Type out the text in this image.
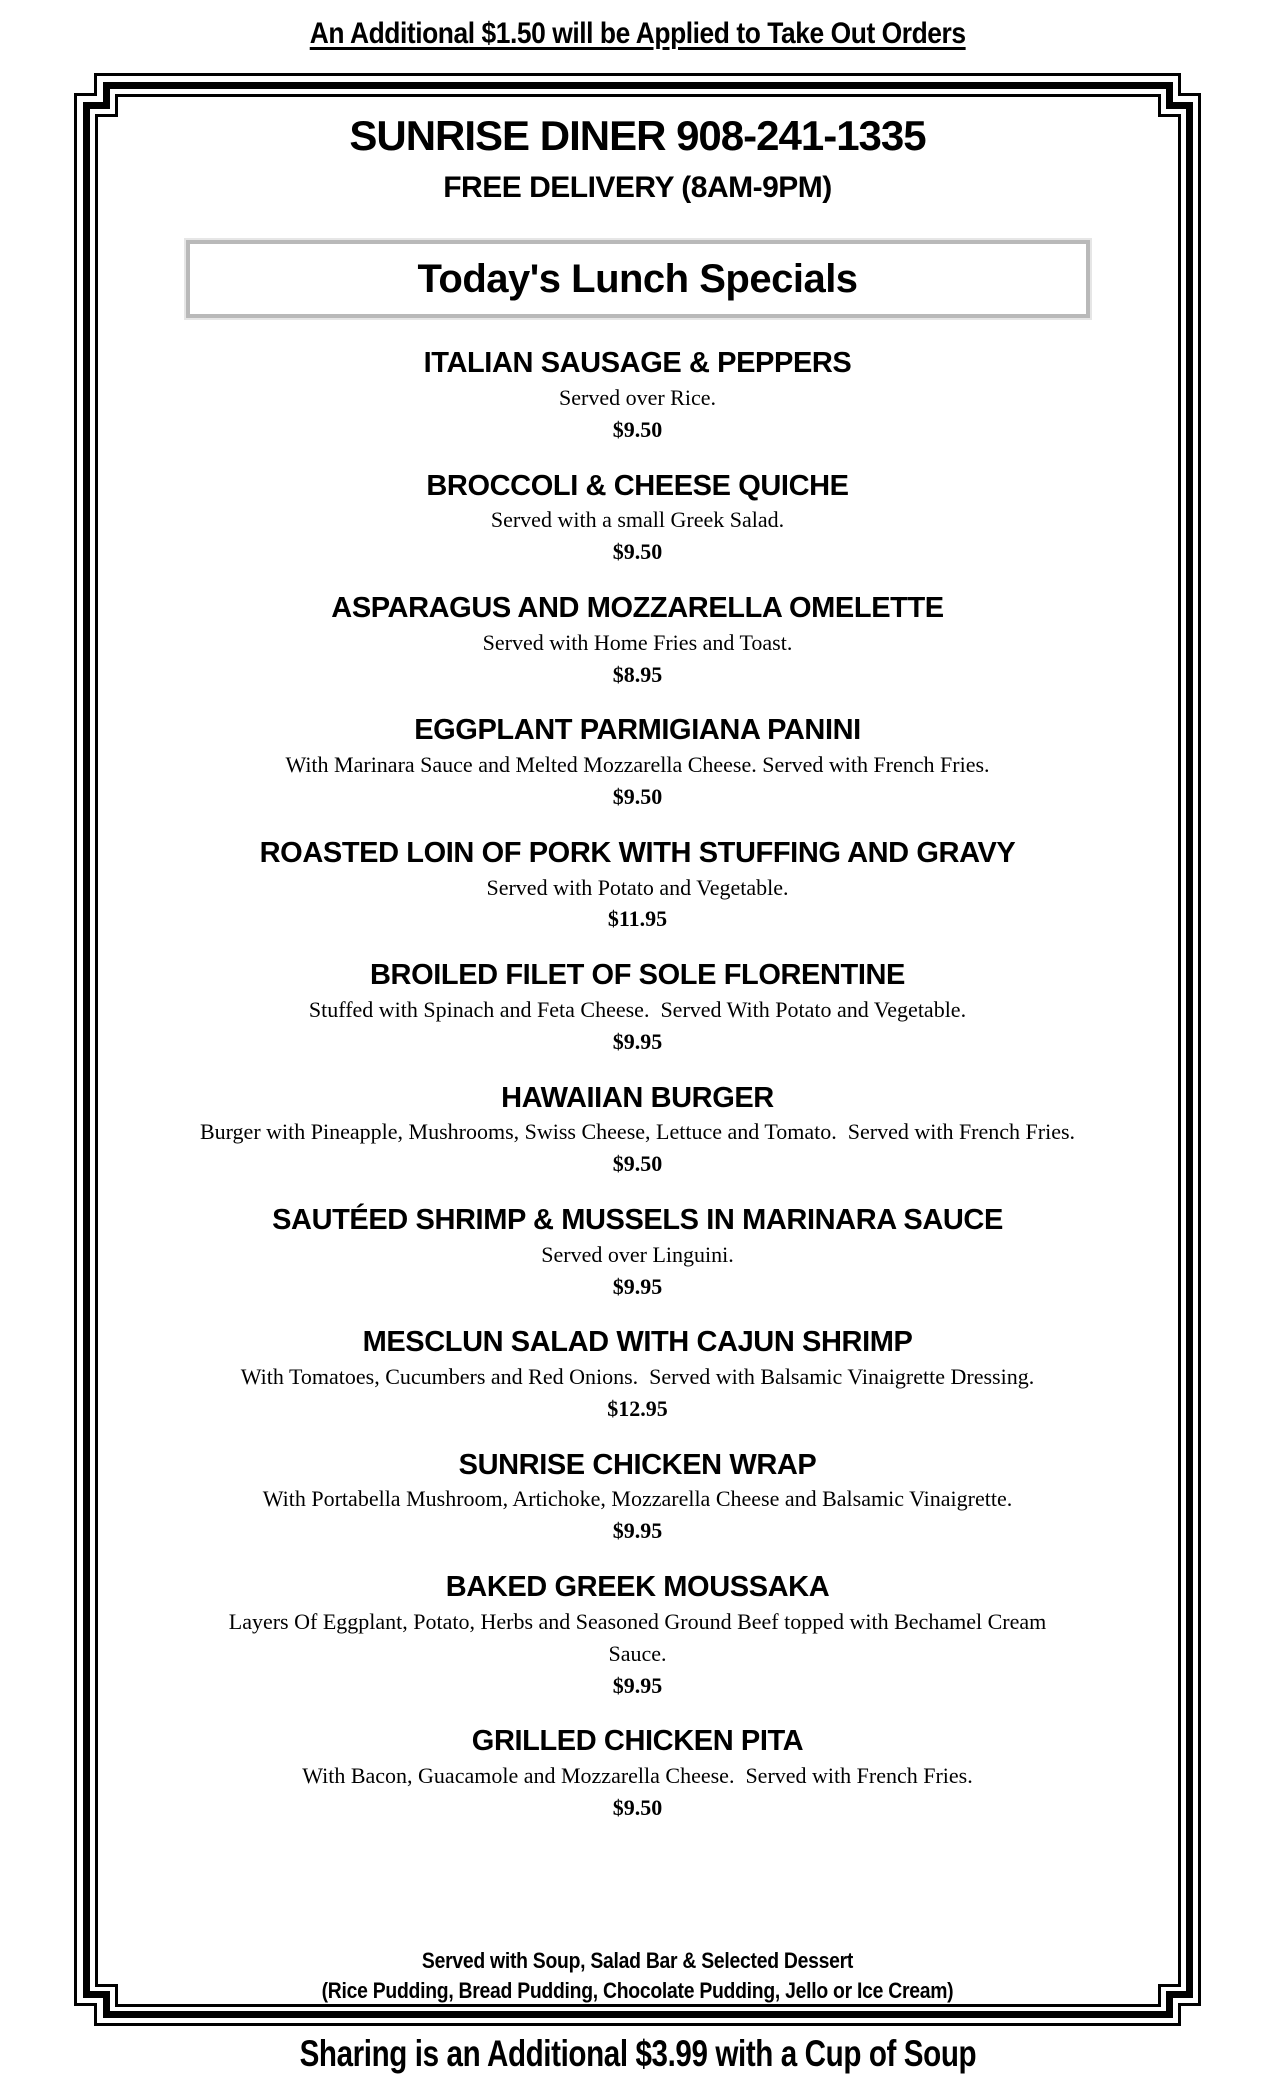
An Additional $1.50 will be Applied to Take Out Orders
SUNRISE DINER 908-241-1335
FREE DELIVERY (8AM-9PM)
Today's Lunch Specials
ITALIAN SAUSAGE & PEPPERS
Served over Rice.
$9.50
BROCCOLI & CHEESE QUICHE
Served with a small Greek Salad.
$9.50
ASPARAGUS AND MOZZARELLA OMELETTE
Served with Home Fries and Toast.
$8.95
EGGPLANT PARMIGIANA PANINI
With Marinara Sauce and Melted Mozzarella Cheese. Served with French Fries.
$9.50
ROASTED LOIN OF PORK WITH STUFFING AND GRAVY
Served with Potato and Vegetable.
$11.95
BROILED FILET OF SOLE FLORENTINE
Stuffed with Spinach and Feta Cheese.  Served With Potato and Vegetable.
$9.95
HAWAIIAN BURGER
Burger with Pineapple, Mushrooms, Swiss Cheese, Lettuce and Tomato.  Served with French Fries.
$9.50
SAUTÉED SHRIMP & MUSSELS IN MARINARA SAUCE
Served over Linguini.
$9.95
MESCLUN SALAD WITH CAJUN SHRIMP
With Tomatoes, Cucumbers and Red Onions.  Served with Balsamic Vinaigrette Dressing.
$12.95
SUNRISE CHICKEN WRAP
With Portabella Mushroom, Artichoke, Mozzarella Cheese and Balsamic Vinaigrette.
$9.95
BAKED GREEK MOUSSAKA
Layers Of Eggplant, Potato, Herbs and Seasoned Ground Beef topped with Bechamel Cream Sauce.
$9.95
GRILLED CHICKEN PITA
With Bacon, Guacamole and Mozzarella Cheese.  Served with French Fries.
$9.50
Served with Soup, Salad Bar & Selected Dessert
(Rice Pudding, Bread Pudding, Chocolate Pudding, Jello or Ice Cream)
Sharing is an Additional $3.99 with a Cup of Soup
